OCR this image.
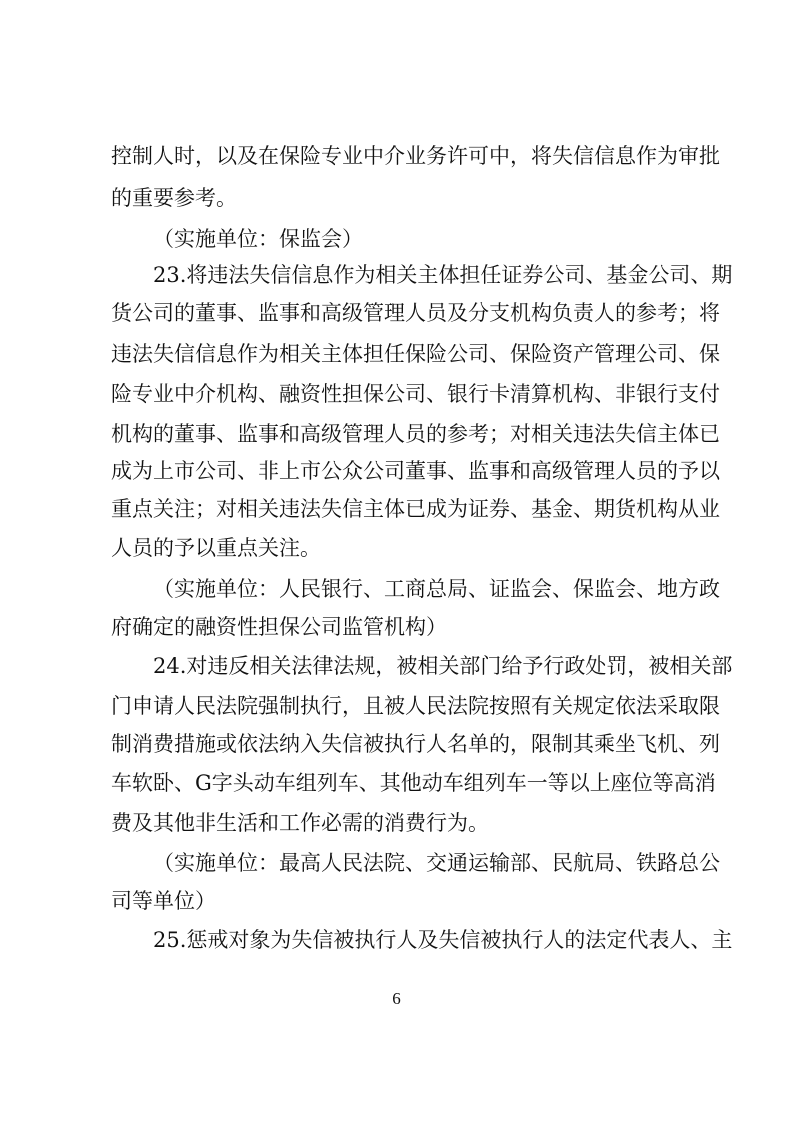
控制人时，以及在保险专业中介业务许可中，将失信信息作为审批
的重要参考。
（实施单位：保监会）
23.将违法失信信息作为相关主体担任证券公司、基金公司、期
货公司的董事、监事和高级管理人员及分支机构负责人的参考；将
违法失信信息作为相关主体担任保险公司、保险资产管理公司、保
险专业中介机构、融资性担保公司、银行卡清算机构、非银行支付
机构的董事、监事和高级管理人员的参考；对相关违法失信主体已
成为上市公司、非上市公众公司董事、监事和高级管理人员的予以
重点关注；对相关违法失信主体已成为证券、基金、期货机构从业
人员的予以重点关注。
（实施单位：人民银行、工商总局、证监会、保监会、地方政
府确定的融资性担保公司监管机构）
24.对违反相关法律法规，被相关部门给予行政处罚，被相关部
门申请人民法院强制执行，且被人民法院按照有关规定依法采取限
制消费措施或依法纳入失信被执行人名单的，限制其乘坐飞机、列
车软卧、G字头动车组列车、其他动车组列车一等以上座位等高消
费及其他非生活和工作必需的消费行为。
（实施单位：最高人民法院、交通运输部、民航局、铁路总公
司等单位）
25.惩戒对象为失信被执行人及失信被执行人的法定代表人、主
6
